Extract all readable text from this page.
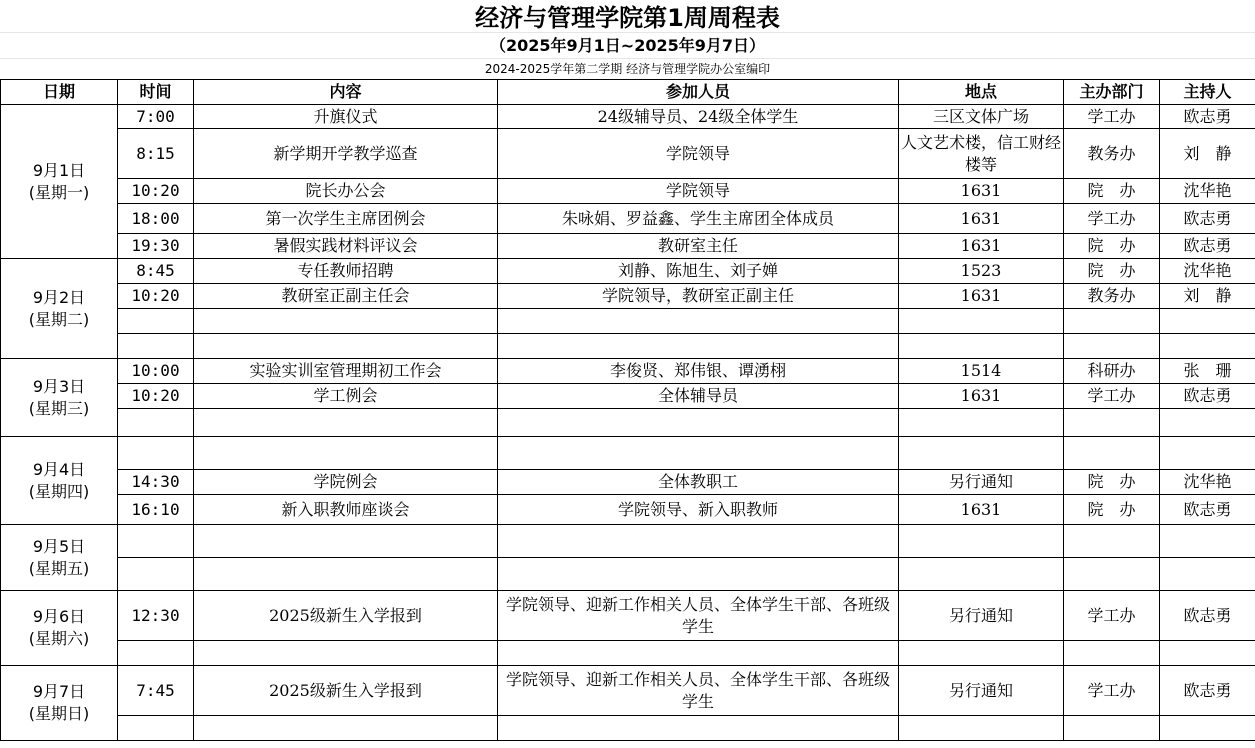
经济与管理学院第1周周程表
（2025年9月1日~2025年9月7日）
2024-2025学年第二学期 经济与管理学院办公室编印
日期	时间	内容	参加人员	地点	主办部门	主持人

9月1日
(星期一)	7:00	升旗仪式	24级辅导员、24级全体学生	三区文体广场	学工办	欧志勇
	8:15	新学期开学教学巡查	学院领导	人文艺术楼，信工财经楼等	教务办	刘　静
	10:20	院长办公会	学院领导	1631	院　办	沈华艳
	18:00	第一次学生主席团例会	朱咏娟、罗益鑫、学生主席团全体成员	1631	学工办	欧志勇
	19:30	暑假实践材料评议会	教研室主任	1631	院　办	欧志勇

9月2日
(星期二)	8:45	专任教师招聘	刘静、陈旭生、刘子婵	1523	院　办	沈华艳
	10:20	教研室正副主任会	学院领导，教研室正副主任	1631	教务办	刘　静

9月3日
(星期三)	10:00	实验实训室管理期初工作会	李俊贤、郑伟银、谭湧栩	1514	科研办	张　珊
	10:20	学工例会	全体辅导员	1631	学工办	欧志勇

9月4日
(星期四)						

	14:30	学院例会	全体教职工	另行通知	院　办	沈华艳
	16:10	新入职教师座谈会	学院领导、新入职教师	1631	院　办	欧志勇

9月5日
(星期五)						

9月6日
(星期六)	12:30	2025级新生入学报到	学院领导、迎新工作相关人员、全体学生干部、各班级学生	另行通知	学工办	欧志勇

9月7日
(星期日)	7:45	2025级新生入学报到	学院领导、迎新工作相关人员、全体学生干部、各班级学生	另行通知	学工办	欧志勇
